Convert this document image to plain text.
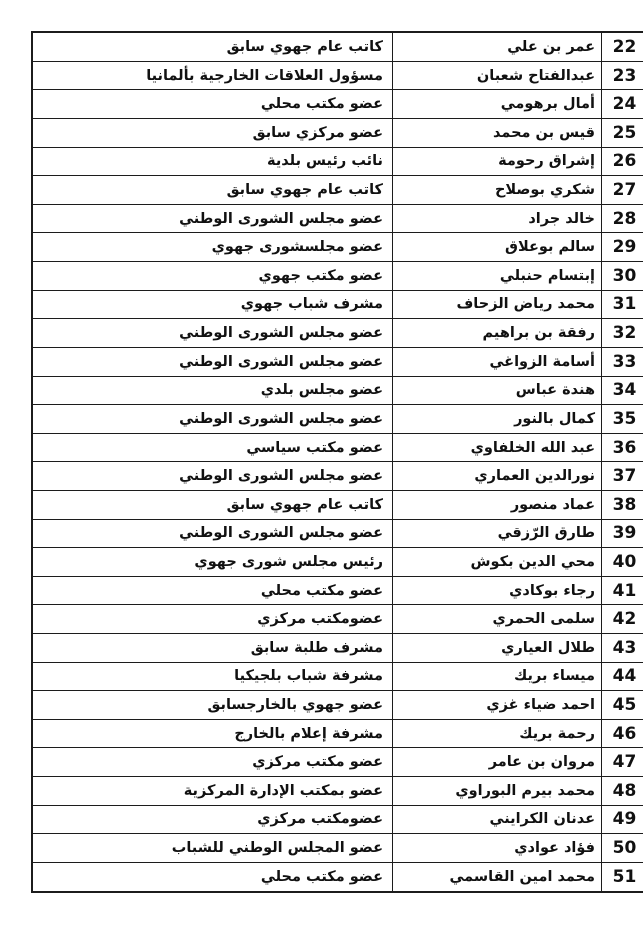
22	عمر بن علي	كاتب عام جهوي سابق
23	عبدالفتاح شعبان	مسؤول العلاقات الخارجية بألمانيا
24	أمال برهومي	عضو مكتب محلي
25	قيس بن محمد	عضو مركزي سابق
26	إشراق رحومة	نائب رئيس بلدية
27	شكري بوصلاح	كاتب عام جهوي سابق
28	خالد جراد	عضو مجلس الشورى الوطني
29	سالم بوعلاق	عضو مجلسشورى جهوي
30	إبتسام حنبلي	عضو مكتب جهوي
31	محمد رياض الزحاف	مشرف شباب جهوي
32	رفقة بن براهيم	عضو مجلس الشورى الوطني
33	أسامة الزواغي	عضو مجلس الشورى الوطني
34	هندة عباس	عضو مجلس بلدي
35	كمال بالنور	عضو مجلس الشورى الوطني
36	عبد الله الخلفاوي	عضو مكتب سياسي
37	نورالدين العماري	عضو مجلس الشورى الوطني
38	عماد منصور	كاتب عام جهوي سابق
39	طارق الرّزقي	عضو مجلس الشورى الوطني
40	محي الدين بكوش	رئيس مجلس شورى جهوي
41	رجاء بوكادي	عضو مكتب محلي
42	سلمى الحمري	عضومكتب مركزي
43	طلال العياري	مشرف طلبة سابق
44	ميساء بريك	مشرفة شباب بلجيكيا
45	احمد ضياء غزي	عضو جهوي بالخارجسابق
46	رحمة بريك	مشرفة إعلام بالخارج
47	مروان بن عامر	عضو مكتب مركزي
48	محمد بيرم البوراوي	عضو بمكتب الإدارة المركزية
49	عدنان الكرايني	عضومكتب مركزي
50	فؤاد عوادي	عضو المجلس الوطني للشباب
51	محمد امين القاسمي	عضو مكتب محلي
